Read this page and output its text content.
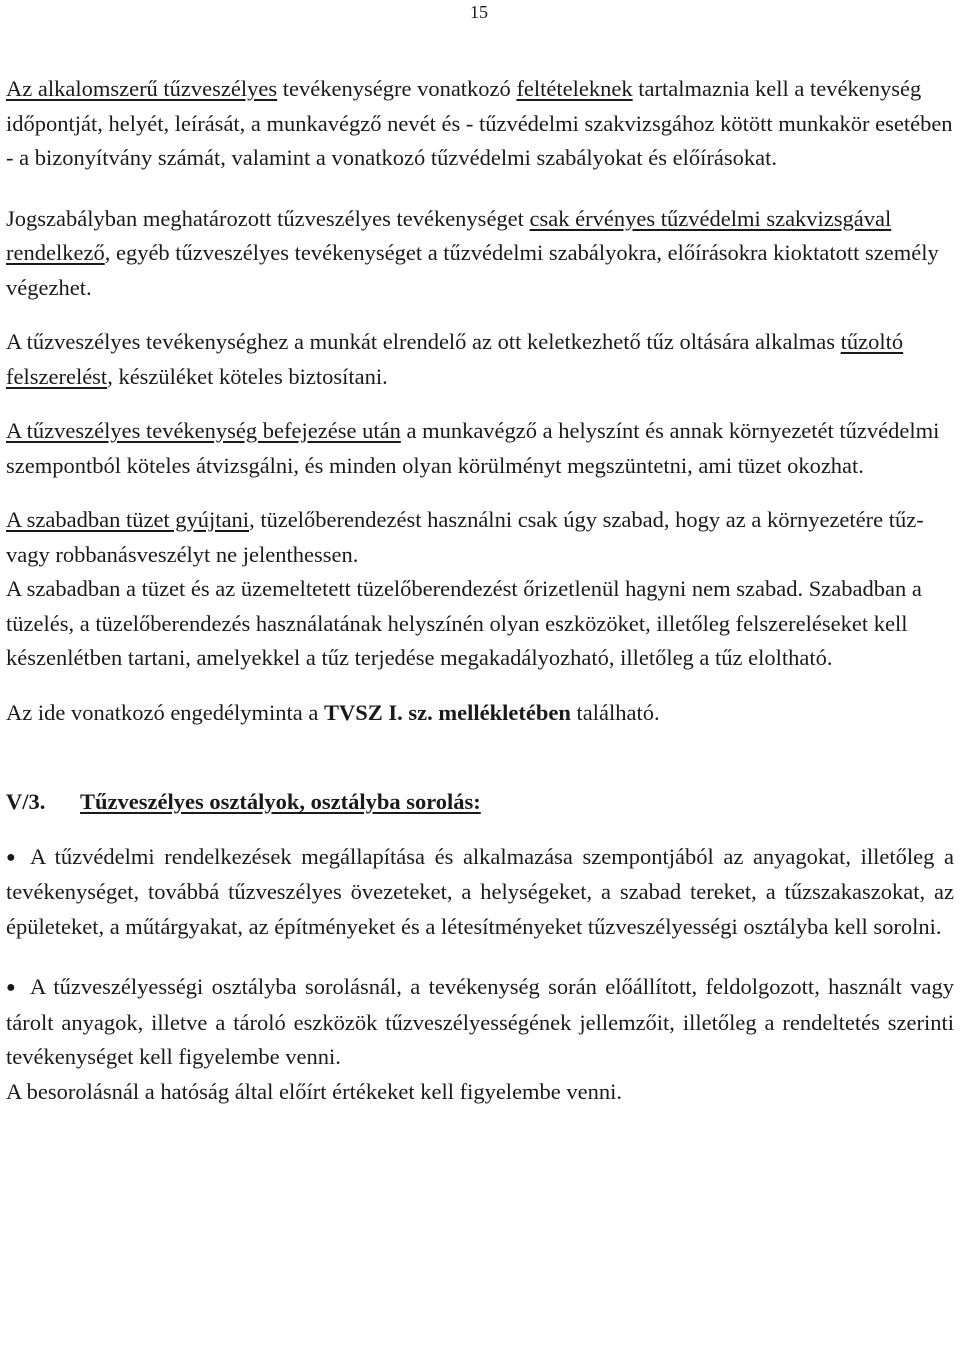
15

Az alkalomszerű tűzveszélyes tevékenységre vonatkozó feltételeknek tartalmaznia kell a tevékenység időpontját, helyét, leírását, a munkavégző nevét és - tűzvédelmi szakvizsgához kötött munkakör esetében - a bizonyítvány számát, valamint a vonatkozó tűzvédelmi szabályokat és előírásokat.

Jogszabályban meghatározott tűzveszélyes tevékenységet csak érvényes tűzvédelmi szakvizsgával rendelkező, egyéb tűzveszélyes tevékenységet a tűzvédelmi szabályokra, előírásokra kioktatott személy végezhet.

A tűzveszélyes tevékenységhez a munkát elrendelő az ott keletkezhető tűz oltására alkalmas tűzoltó felszerelést, készüléket köteles biztosítani.

A tűzveszélyes tevékenység befejezése után a munkavégző a helyszínt és annak környezetét tűzvédelmi szempontból köteles átvizsgálni, és minden olyan körülményt megszüntetni, ami tüzet okozhat.

A szabadban tüzet gyújtani, tüzelőberendezést használni csak úgy szabad, hogy az a környezetére tűz- vagy robbanásveszélyt ne jelenthessen.

A szabadban a tüzet és az üzemeltetett tüzelőberendezést őrizetlenül hagyni nem szabad. Szabadban a tüzelés, a tüzelőberendezés használatának helyszínén olyan eszközöket, illetőleg felszereléseket kell készenlétben tartani, amelyekkel a tűz terjedése megakadályozható, illetőleg a tűz eloltható.

Az ide vonatkozó engedélyminta a TVSZ I. sz. mellékletében található.

V/3.	Tűzveszélyes osztályok, osztályba sorolás:

● A tűzvédelmi rendelkezések megállapítása és alkalmazása szempontjából az anyagokat, illetőleg a tevékenységet, továbbá tűzveszélyes övezeteket, a helységeket, a szabad tereket, a tűzszakaszokat, az épületeket, a műtárgyakat, az építményeket és a létesítményeket tűzveszélyességi osztályba kell sorolni.

● A tűzveszélyességi osztályba sorolásnál, a tevékenység során előállított, feldolgozott, használt vagy tárolt anyagok, illetve a tároló eszközök tűzveszélyességének jellemzőit, illetőleg a rendeltetés szerinti tevékenységet kell figyelembe venni.

A besorolásnál a hatóság által előírt értékeket kell figyelembe venni.
